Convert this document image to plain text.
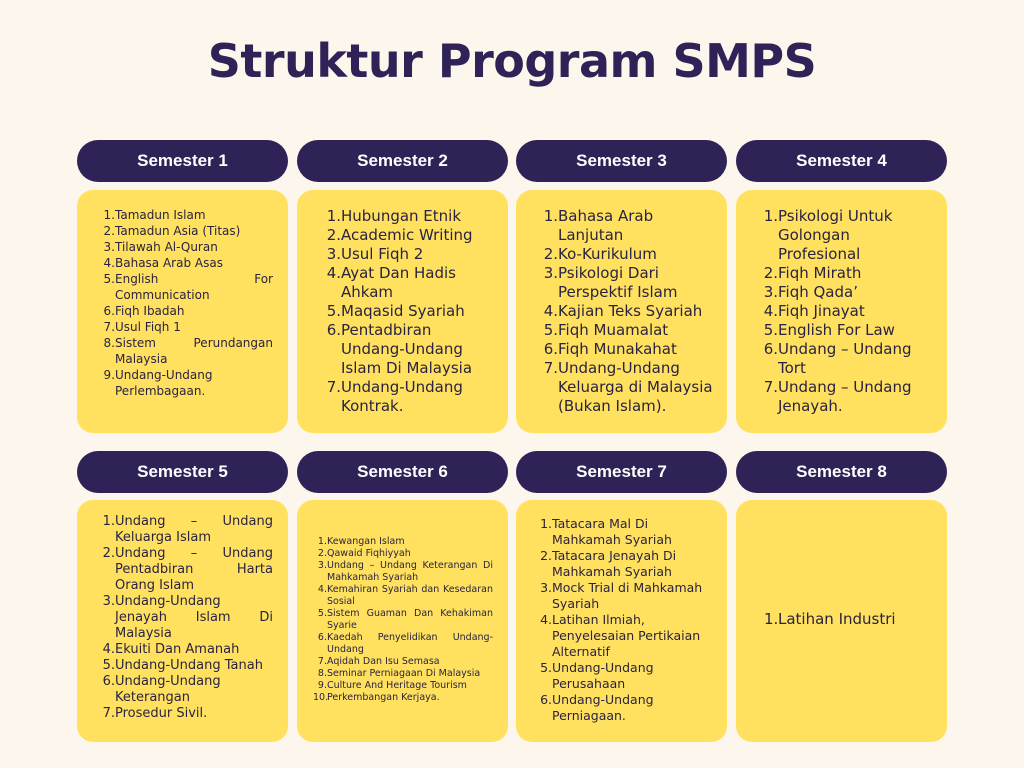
Struktur Program SMPS
Semester 1
1. Tamadun Islam
2. Tamadun Asia (Titas)
3. Tilawah Al-Quran
4. Bahasa Arab Asas
5. English For Communication
6. Fiqh Ibadah
7. Usul Fiqh 1
8. Sistem Perundangan Malaysia
9. Undang-Undang Perlembagaan.
Semester 2
1. Hubungan Etnik
2. Academic Writing
3. Usul Fiqh 2
4. Ayat Dan Hadis Ahkam
5. Maqasid Syariah
6. Pentadbiran Undang-Undang Islam Di Malaysia
7. Undang-Undang Kontrak.
Semester 3
1. Bahasa Arab Lanjutan
2. Ko-Kurikulum
3. Psikologi Dari Perspektif Islam
4. Kajian Teks Syariah
5. Fiqh Muamalat
6. Fiqh Munakahat
7. Undang-Undang Keluarga di Malaysia (Bukan Islam).
Semester 4
1. Psikologi Untuk Golongan Profesional
2. Fiqh Mirath
3. Fiqh Qada’
4. Fiqh Jinayat
5. English For Law
6. Undang – Undang Tort
7. Undang – Undang Jenayah.
Semester 5
1. Undang – Undang Keluarga Islam
2. Undang – Undang Pentadbiran Harta Orang Islam
3. Undang-Undang Jenayah Islam Di Malaysia
4. Ekuiti Dan Amanah
5. Undang-Undang Tanah
6. Undang-Undang Keterangan
7. Prosedur Sivil.
Semester 6
1. Kewangan Islam
2. Qawaid Fiqhiyyah
3. Undang – Undang Keterangan Di Mahkamah Syariah
4. Kemahiran Syariah dan Kesedaran Sosial
5. Sistem Guaman Dan Kehakiman Syarie
6. Kaedah Penyelidikan Undang-Undang
7. Aqidah Dan Isu Semasa
8. Seminar Perniagaan Di Malaysia
9. Culture And Heritage Tourism
10.
Perkembangan Kerjaya.
Semester 7
1. Tatacara Mal Di Mahkamah Syariah
2. Tatacara Jenayah Di Mahkamah Syariah
3. Mock Trial di Mahkamah Syariah
4. Latihan Ilmiah, Penyelesaian Pertikaian Alternatif
5. Undang-Undang Perusahaan
6. Undang-Undang Perniagaan.
Semester 8
1. Latihan Industri
